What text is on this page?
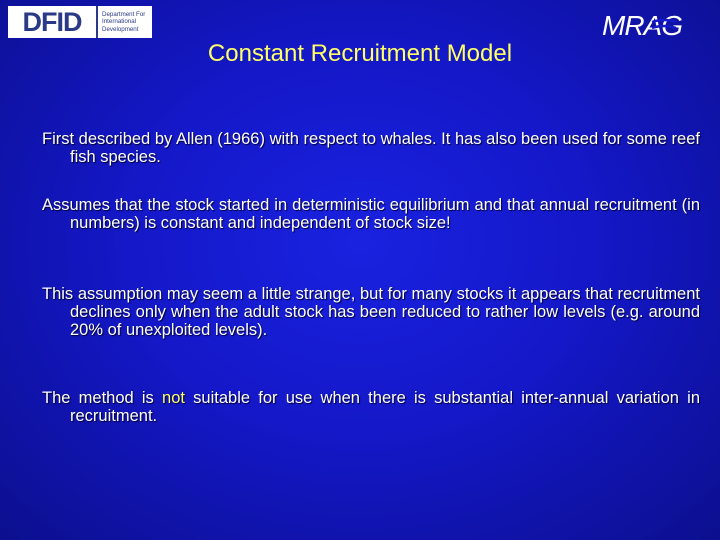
DFID	Department For
International
Development	MRAG
Constant Recruitment Model
First described by Allen (1966) with respect to whales. It has also been used for some reef fish species.
Assumes that the stock started in deterministic equilibrium and that annual recruitment (in numbers) is constant and independent of stock size!
This assumption may seem a little strange, but for many stocks it appears that recruitment declines only when the adult stock has been reduced to rather low levels (e.g. around 20% of unexploited levels).
The method is not suitable for use when there is substantial inter-annual variation in recruitment.
